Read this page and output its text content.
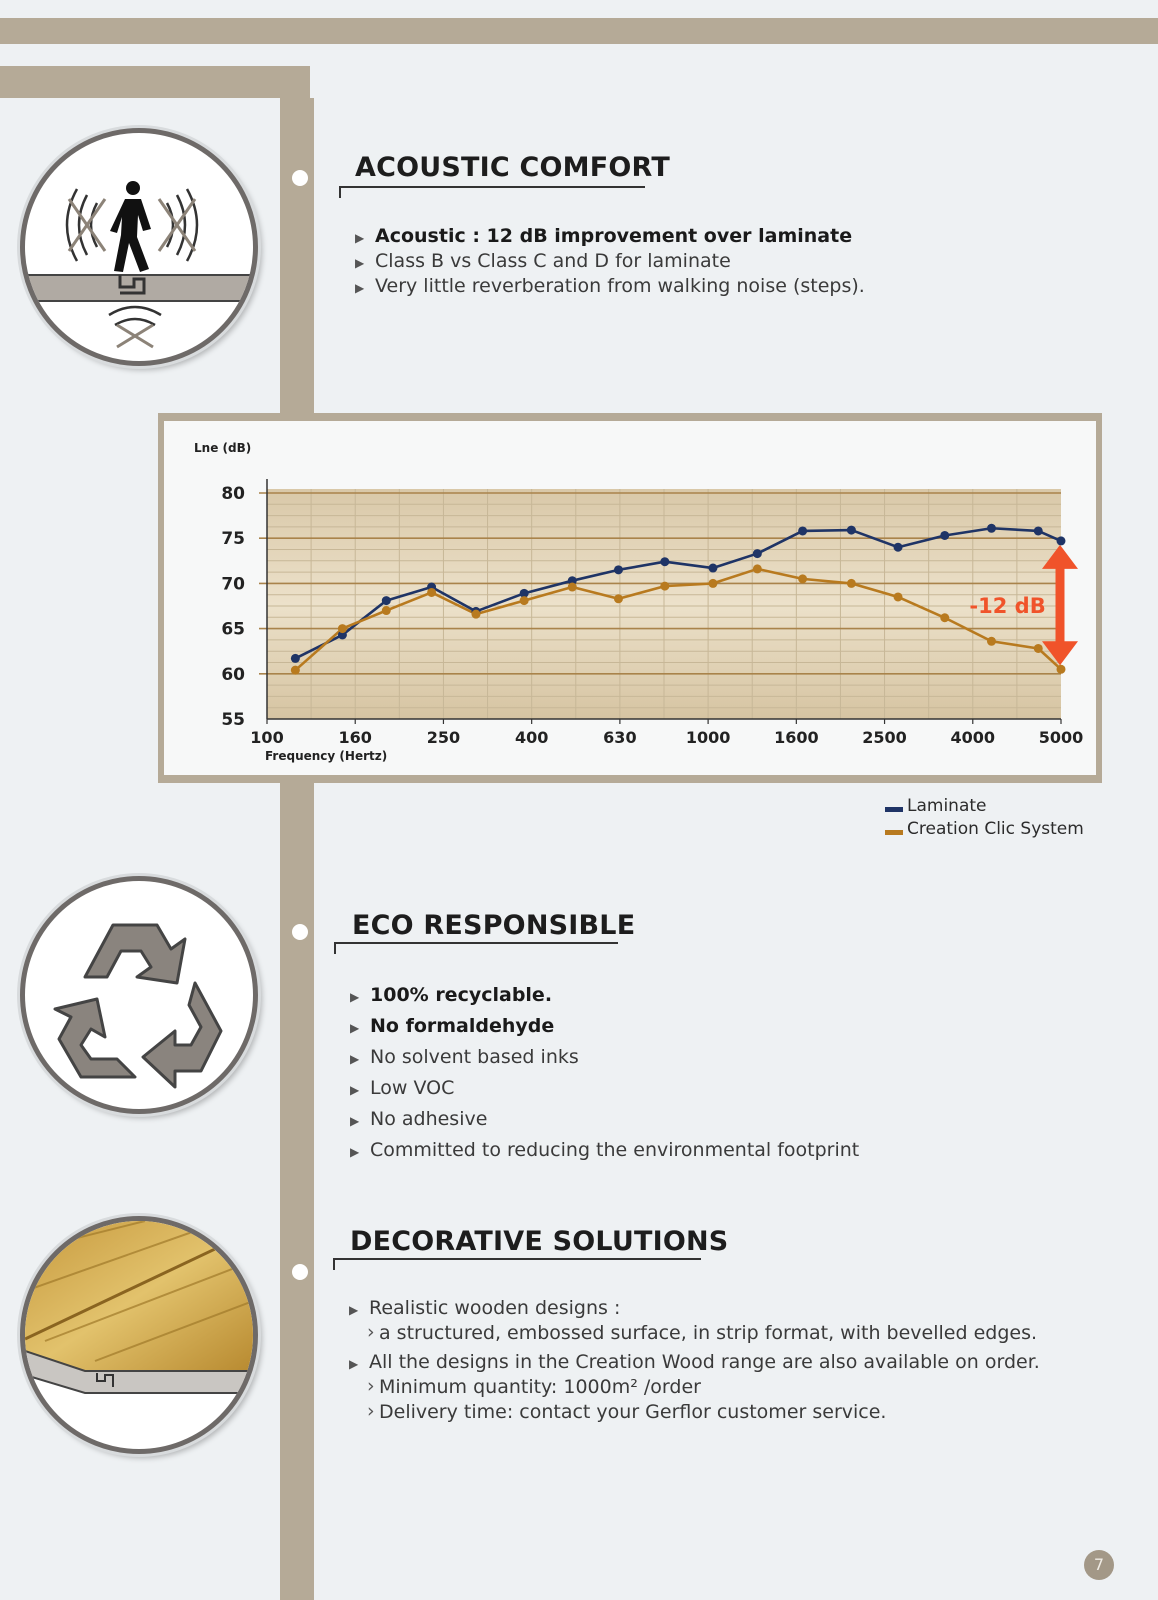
ACOUSTIC COMFORT
▶ Acoustic : 12 dB improvement over laminate
▶ Class B vs Class C and D for laminate
▶ Very little reverberation from walking noise (steps).
80
75
70
65
60
55
100	160	250	400	630	1000	1600	2500	4000	5000
-12 dB !
Lne (dB)
Frequency (Hertz)
Laminate
Creation Clic System
ECO RESPONSIBLE
▶ 100% recyclable.
▶ No formaldehyde
▶ No solvent based inks
▶ Low VOC
▶ No adhesive
▶ Committed to reducing the environmental footprint
DECORATIVE SOLUTIONS
▶ Realistic wooden designs :
› a structured, embossed surface, in strip format, with bevelled edges.
▶ All the designs in the Creation Wood range are also available on order.
› Minimum quantity: 1000m² /order
› Delivery time: contact your Gerflor customer service.
7
